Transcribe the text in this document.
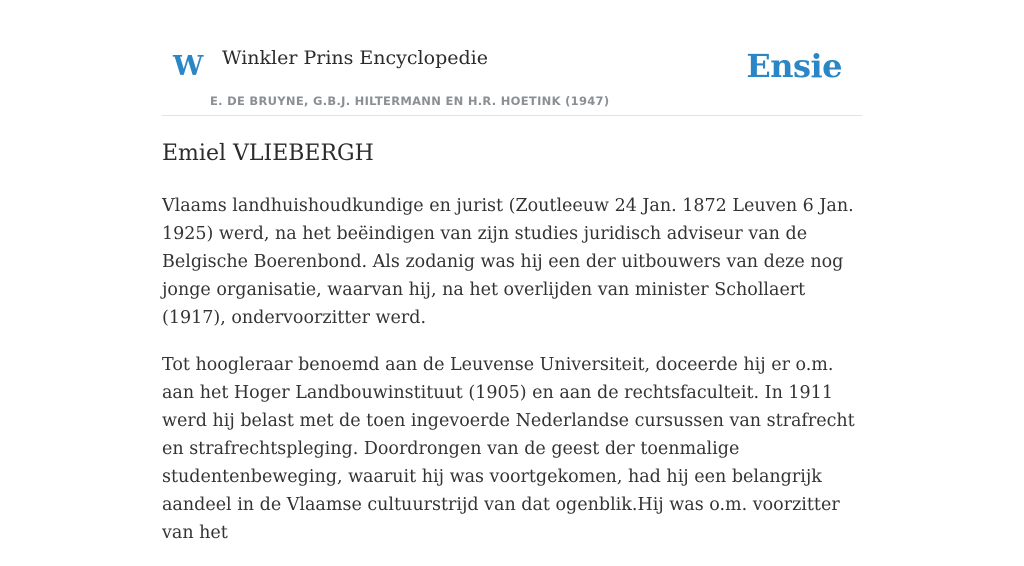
W Winkler Prins Encyclopedie
E. DE BRUYNE, G.B.J. HILTERMANN EN H.R. HOETINK (1947)
Ensie
Emiel VLIEBERGH

Vlaams landhuishoudkundige en jurist (Zoutleeuw 24 Jan. 1872 Leuven 6 Jan. 1925) werd, na het beëindigen van zijn studies juridisch adviseur van de Belgische Boerenbond. Als zodanig was hij een der uitbouwers van deze nog jonge organisatie, waarvan hij, na het overlijden van minister Schollaert (1917), ondervoorzitter werd.

Tot hoogleraar benoemd aan de Leuvense Universiteit, doceerde hij er o.m. aan het Hoger Landbouwinstituut (1905) en aan de rechtsfaculteit. In 1911 werd hij belast met de toen ingevoerde Nederlandse cursussen van strafrecht en strafrechtspleging. Doordrongen van de geest der toenmalige studentenbeweging, waaruit hij was voortgekomen, had hij een belangrijk aandeel in de Vlaamse cultuurstrijd van dat ogenblik.Hij was o.m. voorzitter van het
